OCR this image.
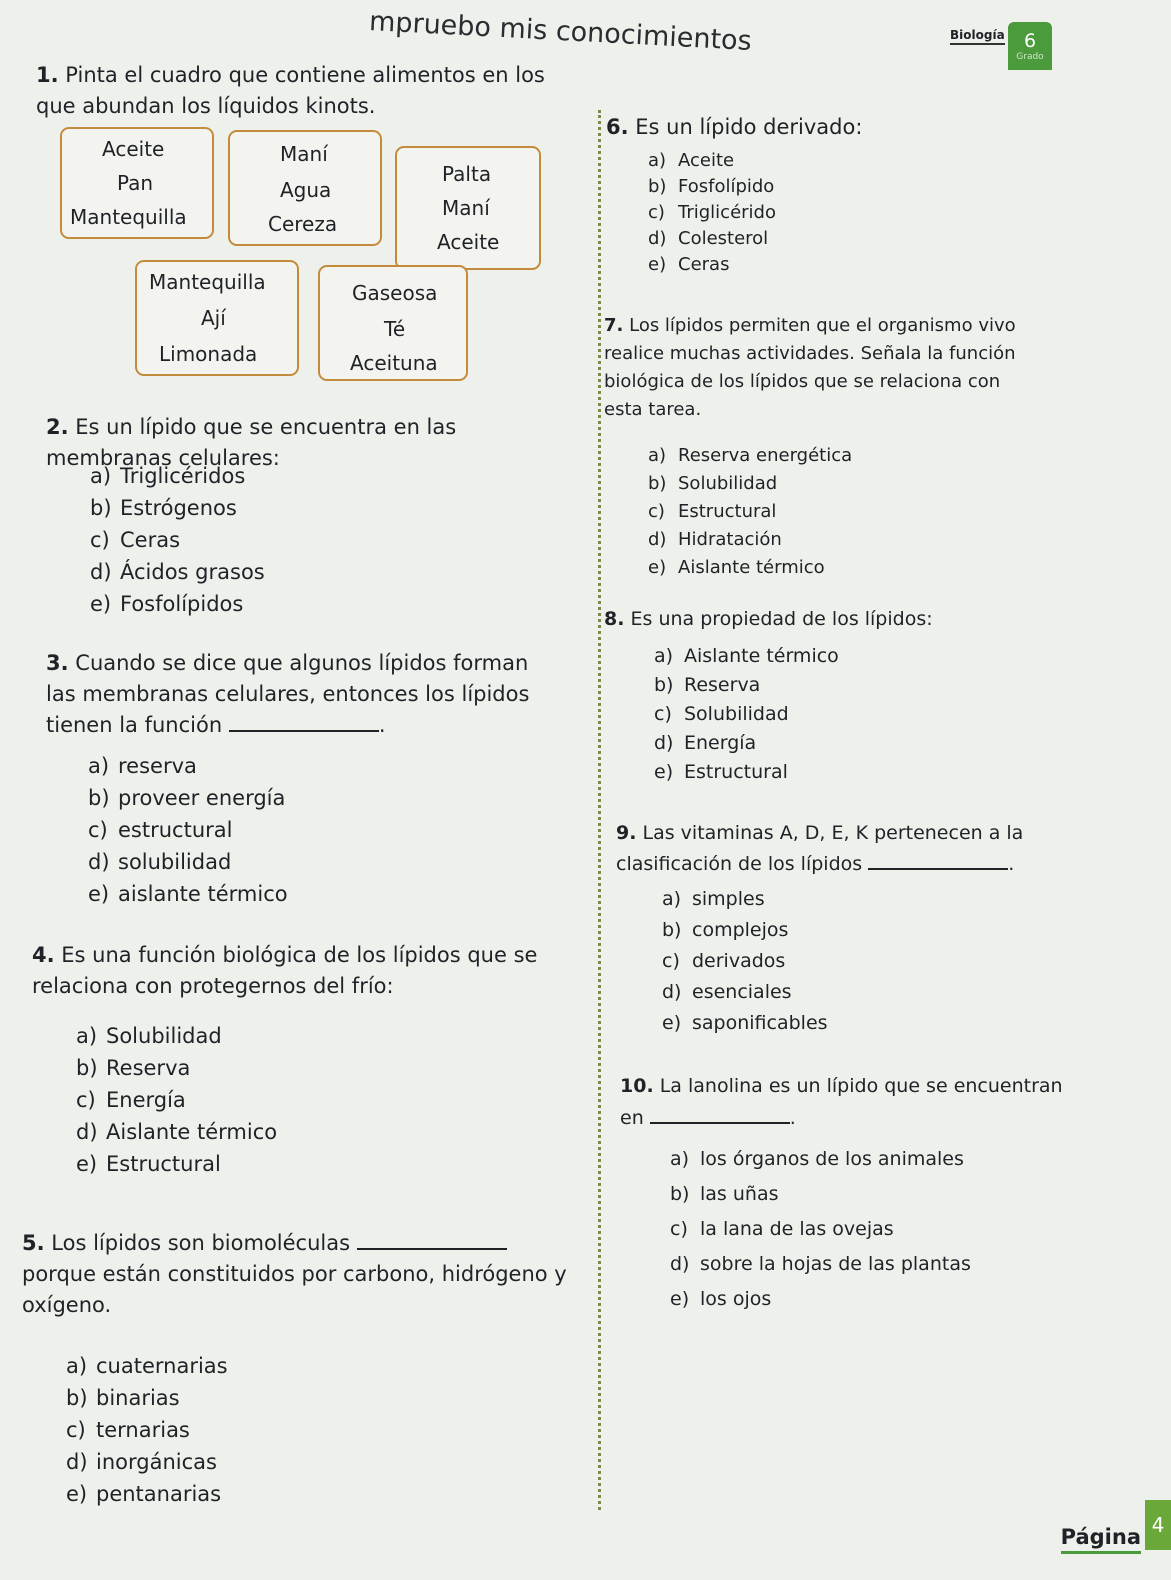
mpruebo mis conocimientos	Biología	6
Grado
1. Pinta el cuadro que contiene alimentos en los que abundan los líquidos kinots.
Aceite
Pan
Mantequilla
Maní
Agua
Cereza
Palta
Maní
Aceite
Mantequilla
Ají
Limonada
Gaseosa
Té
Aceituna
2. Es un lípido que se encuentra en las membranas celulares:
a) Triglicéridos
b) Estrógenos
c) Ceras
d) Ácidos grasos
e) Fosfolípidos
3. Cuando se dice que algunos lípidos forman las membranas celulares, entonces los lípidos tienen la función	.
a) reserva
b) proveer energía
c) estructural
d) solubilidad
e) aislante térmico
4. Es una función biológica de los lípidos que se relaciona con protegernos del frío:
a) Solubilidad
b) Reserva
c) Energía
d) Aislante térmico
e) Estructural
5. Los lípidos son biomoléculas  porque están constituidos por carbono, hidrógeno y oxígeno.
a) cuaternarias
b) binarias
c) ternarias
d) inorgánicas
e) pentanarias
6. Es un lípido derivado:
a) Aceite
b) Fosfolípido
c) Triglicérido
d) Colesterol
e) Ceras
7. Los lípidos permiten que el organismo vivo realice muchas actividades. Señala la función biológica de los lípidos que se relaciona con esta tarea.
a) Reserva energética
b) Solubilidad
c) Estructural
d) Hidratación
e) Aislante térmico
8. Es una propiedad de los lípidos:
a) Aislante térmico
b) Reserva
c) Solubilidad
d) Energía
e) Estructural
9. Las vitaminas A, D, E, K pertenecen a la clasificación de los lípidos	.
a) simples
b) complejos
c) derivados
d) esenciales
e) saponificables
10. La lanolina es un lípido que se encuentran en	.
a) los órganos de los animales
b) las uñas
c) la lana de las ovejas
d) sobre la hojas de las plantas
e) los ojos
Página 4
